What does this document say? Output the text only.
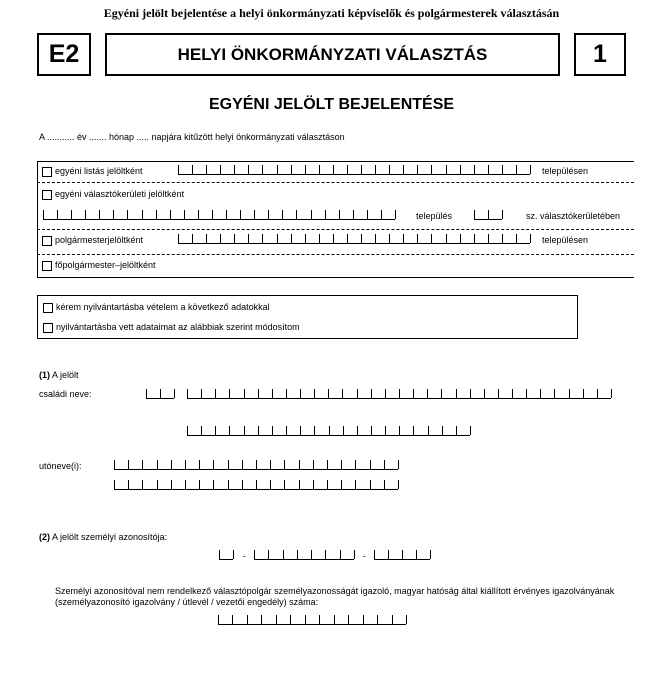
Egyéni jelölt bejelentése a helyi önkormányzati képviselők és polgármesterek választásán
E2	HELYI ÖNKORMÁNYZATI VÁLASZTÁS	1
EGYÉNI JELÖLT BEJELENTÉSE
A ........... év ....... hónap ..... napjára kitűzött helyi önkormányzati választáson
egyéni listás jelöltként	településen
egyéni választókerületi jelöltként
település	sz. választókerületében
polgármesterjelöltként	településen
főpolgármester–jelöltként
kérem nyilvántartásba vételem a következő adatokkal
nyilvántartásba vett adataimat az alábbiak szerint módosítom
(1) A jelölt
családi neve:
utóneve(i):
(2) A jelölt személyi azonosítója:
-	-
Személyi azonosítóval nem rendelkező választópolgár személyazonosságát igazoló, magyar hatóság által kiállított érvényes igazolványának (személyazonosító igazolvány / útlevél / vezetői engedély) száma:
